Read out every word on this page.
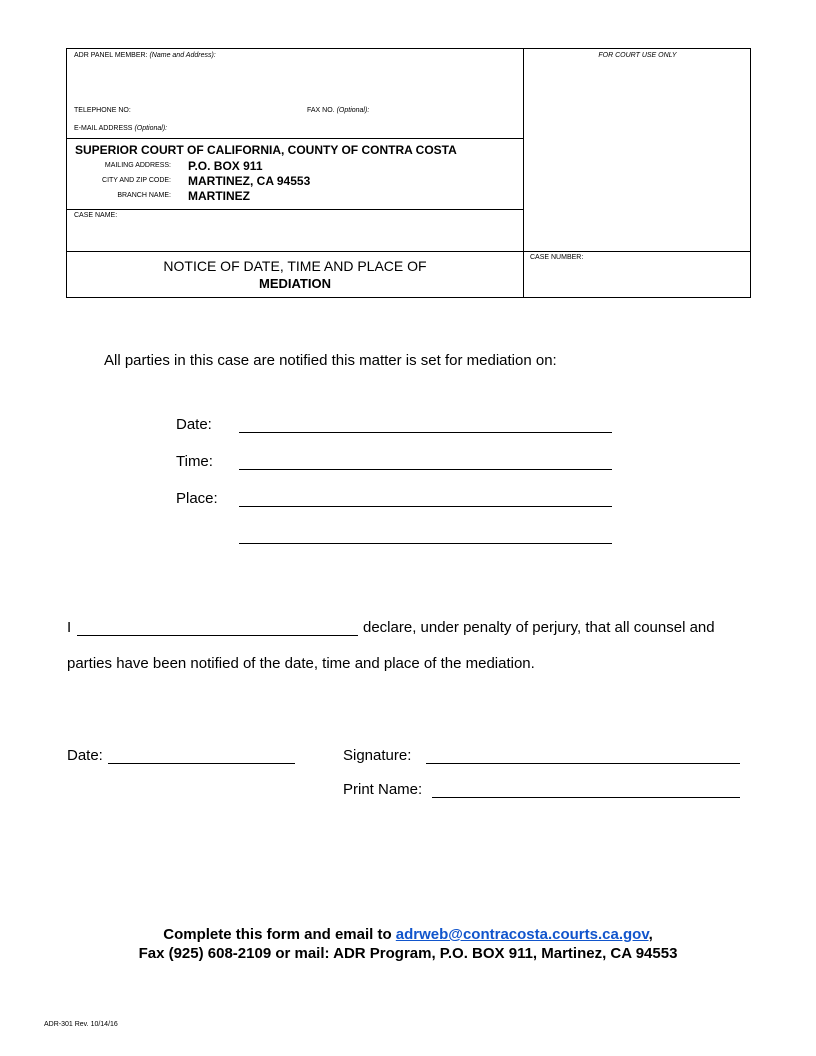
ADR PANEL MEMBER: (Name and Address):
TELEPHONE NO:	FAX NO. (Optional):
E-MAIL ADDRESS (Optional):
FOR COURT USE ONLY
SUPERIOR COURT OF CALIFORNIA, COUNTY OF CONTRA COSTA
MAILING ADDRESS: P.O. BOX 911
CITY AND ZIP CODE: MARTINEZ, CA 94553
BRANCH NAME: MARTINEZ
CASE NAME:
NOTICE OF DATE, TIME AND PLACE OF
MEDIATION
CASE NUMBER:
All parties in this case are notified this matter is set for mediation on:
Date:
Time:
Place:
I	declare, under penalty of perjury, that all counsel and
parties have been notified of the date, time and place of the mediation.
Date:	Signature:
Print Name:
Complete this form and email to adrweb@contracosta.courts.ca.gov,
Fax (925) 608-2109 or mail: ADR Program, P.O. BOX 911, Martinez, CA 94553
ADR-301 Rev. 10/14/16
